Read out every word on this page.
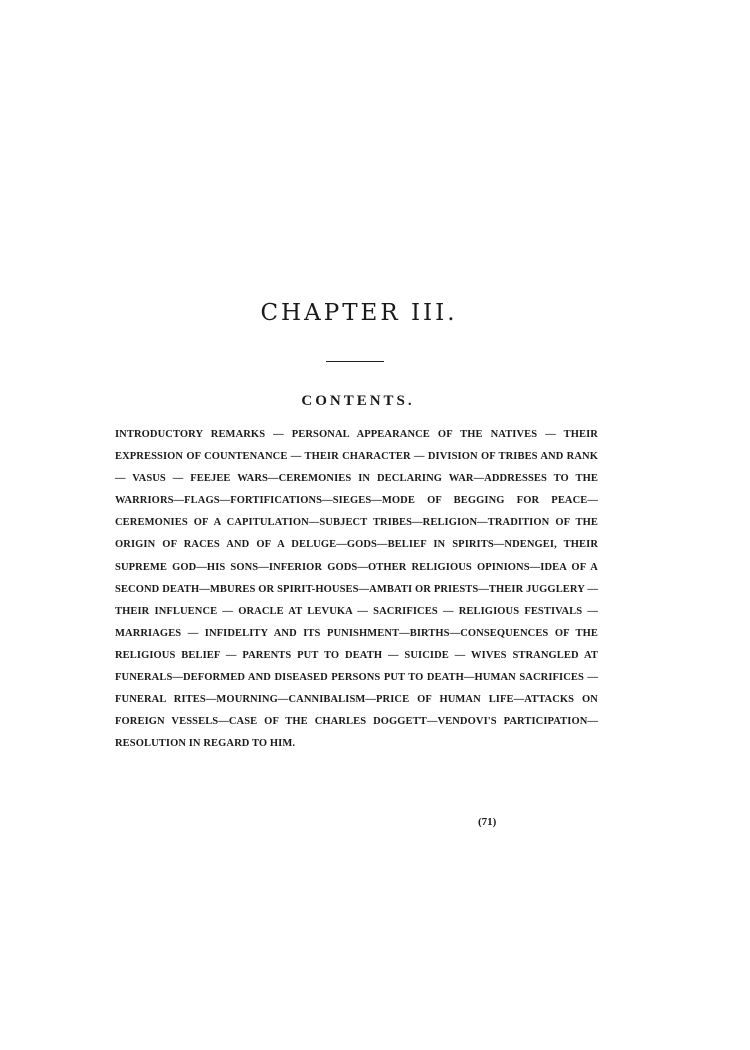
CHAPTER III.
CONTENTS.
INTRODUCTORY REMARKS — PERSONAL APPEARANCE OF THE NATIVES — THEIR EXPRESSION OF COUNTENANCE — THEIR CHARACTER — DIVISION OF TRIBES AND RANK — VASUS — FEEJEE WARS—CEREMONIES IN DECLARING WAR—ADDRESSES TO THE WARRIORS—FLAGS—FORTIFICATIONS—SIEGES—MODE OF BEGGING FOR PEACE—CEREMONIES OF A CAPITULATION—SUBJECT TRIBES—RELIGION—TRADITION OF THE ORIGIN OF RACES AND OF A DELUGE—GODS—BELIEF IN SPIRITS—NDENGEI, THEIR SUPREME GOD—HIS SONS—INFERIOR GODS—OTHER RELIGIOUS OPINIONS—IDEA OF A SECOND DEATH—MBURES OR SPIRIT-HOUSES—AMBATI OR PRIESTS—THEIR JUGGLERY —THEIR INFLUENCE — ORACLE AT LEVUKA — SACRIFICES — RELIGIOUS FESTIVALS — MARRIAGES — INFIDELITY AND ITS PUNISHMENT—BIRTHS—CONSEQUENCES OF THE RELIGIOUS BELIEF — PARENTS PUT TO DEATH — SUICIDE — WIVES STRANGLED AT FUNERALS—DEFORMED AND DISEASED PERSONS PUT TO DEATH—HUMAN SACRIFICES —FUNERAL RITES—MOURNING—CANNIBALISM—PRICE OF HUMAN LIFE—ATTACKS ON FOREIGN VESSELS—CASE OF THE CHARLES DOGGETT—VENDOVI'S PARTICIPATION—RESOLUTION IN REGARD TO HIM.
(71)
